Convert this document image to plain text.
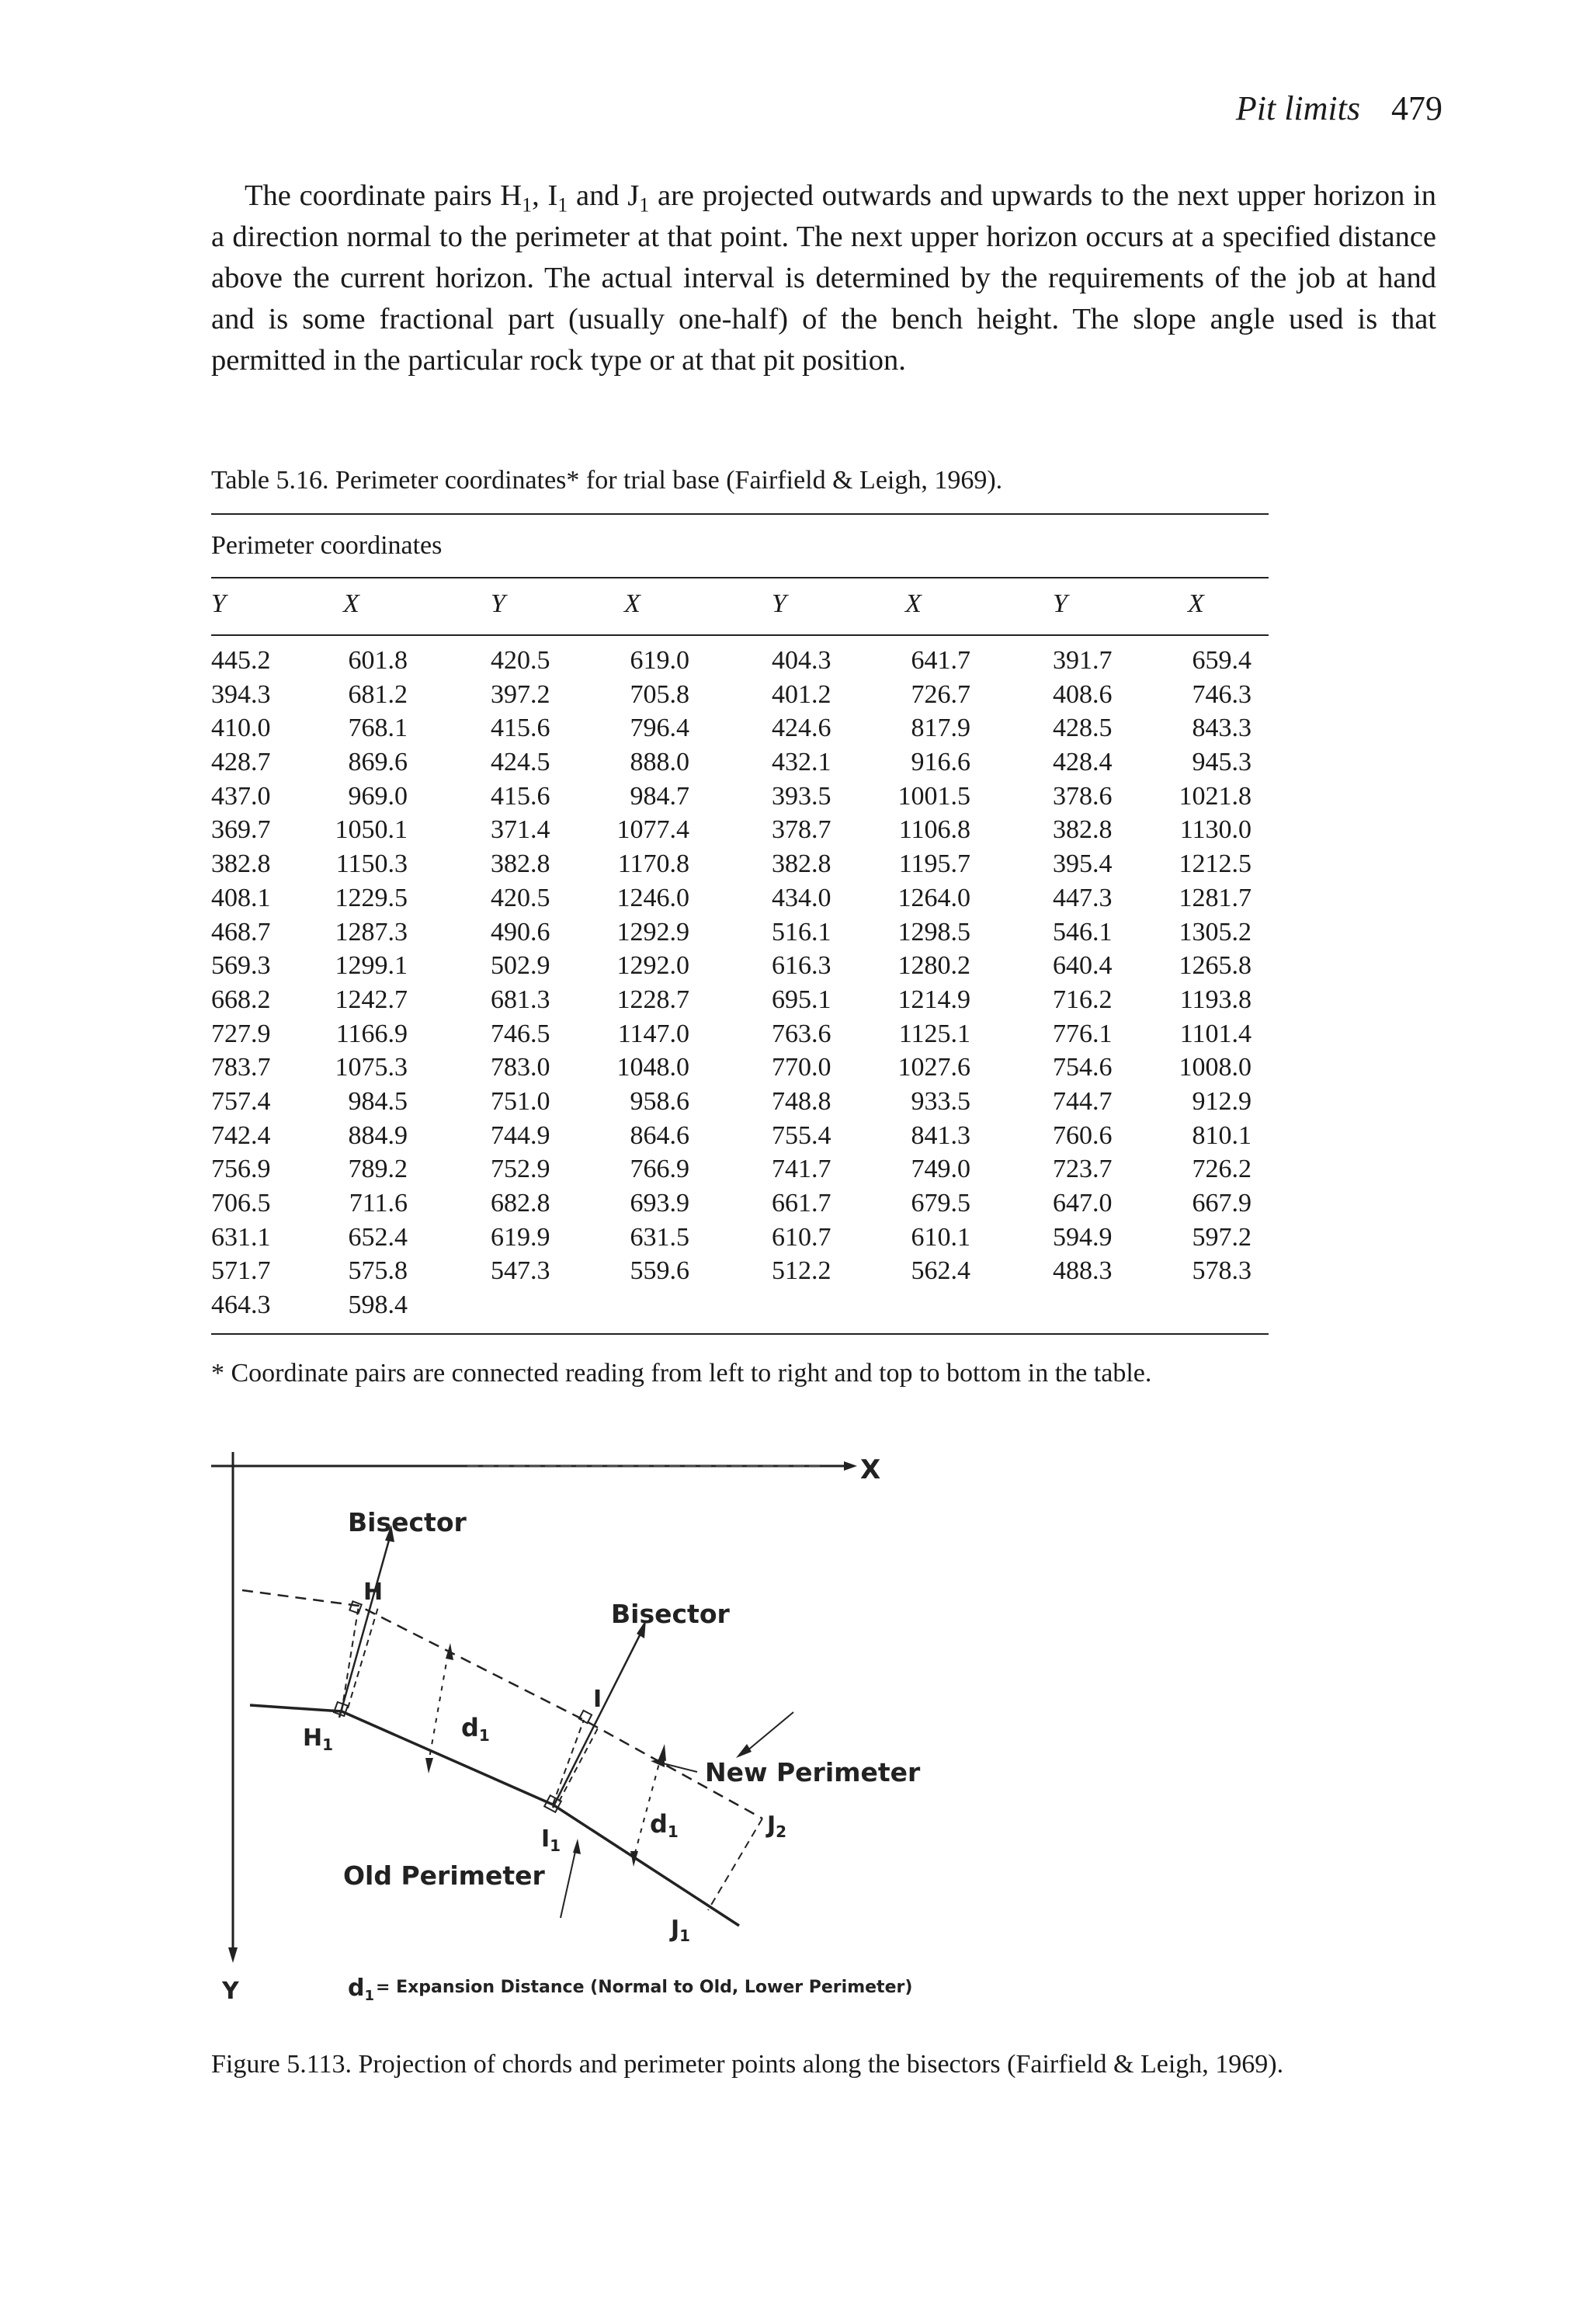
Pit limits 479

The coordinate pairs $H_1$, $I_1$ and $J_1$ are projected outwards and upwards to the next upper horizon in a direction normal to the perimeter at that point. The next upper horizon occurs at a specified distance above the current horizon. The actual interval is determined by the requirements of the job at hand and is some fractional part (usually one-half) of the bench height. The slope angle used is that permitted in the particular rock type or at that pit position.

Table 5.16. Perimeter coordinates* for trial base (Fairfield & Leigh, 1969).
Perimeter coordinates
Y	X	Y	X	Y	X	Y	X
445.2	601.8	420.5	619.0	404.3	641.7	391.7	659.4
394.3	681.2	397.2	705.8	401.2	726.7	408.6	746.3
410.0	768.1	415.6	796.4	424.6	817.9	428.5	843.3
428.7	869.6	424.5	888.0	432.1	916.6	428.4	945.3
437.0	969.0	415.6	984.7	393.5	1001.5	378.6	1021.8
369.7	1050.1	371.4	1077.4	378.7	1106.8	382.8	1130.0
382.8	1150.3	382.8	1170.8	382.8	1195.7	395.4	1212.5
408.1	1229.5	420.5	1246.0	434.0	1264.0	447.3	1281.7
468.7	1287.3	490.6	1292.9	516.1	1298.5	546.1	1305.2
569.3	1299.1	502.9	1292.0	616.3	1280.2	640.4	1265.8
668.2	1242.7	681.3	1228.7	695.1	1214.9	716.2	1193.8
727.9	1166.9	746.5	1147.0	763.6	1125.1	776.1	1101.4
783.7	1075.3	783.0	1048.0	770.0	1027.6	754.6	1008.0
757.4	984.5	751.0	958.6	748.8	933.5	744.7	912.9
742.4	884.9	744.9	864.6	755.4	841.3	760.6	810.1
756.9	789.2	752.9	766.9	741.7	749.0	723.7	726.2
706.5	711.6	682.8	693.9	661.7	679.5	647.0	667.9
631.1	652.4	619.9	631.5	610.7	610.1	594.9	597.2
571.7	575.8	547.3	559.6	512.2	562.4	488.3	578.3
464.3	598.4
* Coordinate pairs are connected reading from left to right and top to bottom in the table.
X
Y
Bisector
Bisector
H
$H_1$
I
$I_1$
$J_2$
$J_1$
d1
d1
New Perimeter
Old Perimeter
$d_1$ = Expansion Distance (Normal to Old, Lower Perimeter)
Figure 5.113. Projection of chords and perimeter points along the bisectors (Fairfield & Leigh, 1969).
